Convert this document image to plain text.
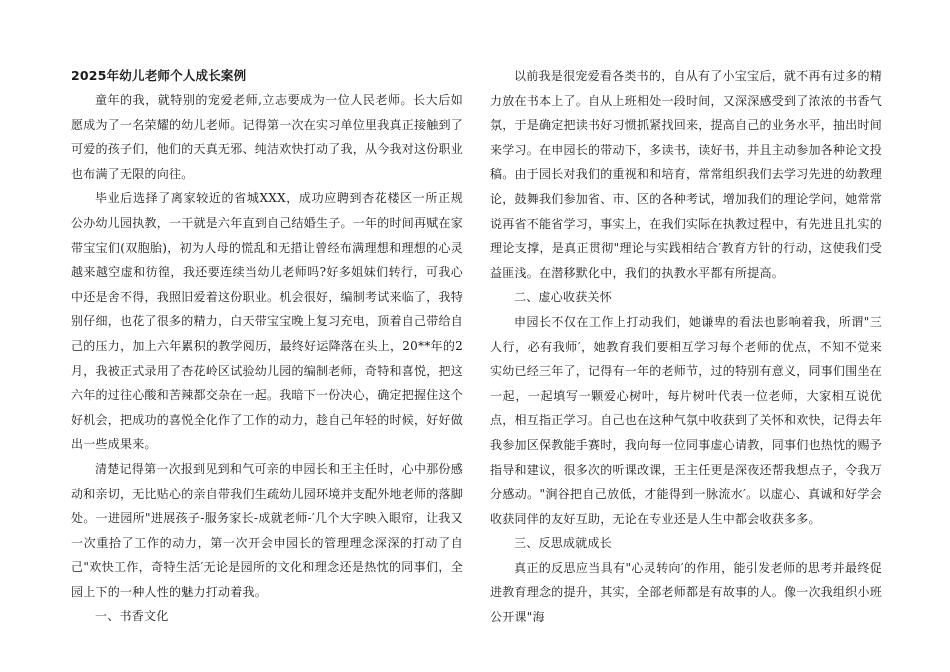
2025年幼儿老师个人成长案例

童年的我，就特别的宠爱老师,立志要成为一位人民老师。长大后如愿成为了一名荣耀的幼儿老师。记得第一次在实习单位里我真正接触到了可爱的孩子们，他们的天真无邪、纯洁欢快打动了我，从今我对这份职业也布满了无限的向往。

毕业后选择了离家较近的省城XXX，成功应聘到杏花楼区一所正规公办幼儿园执教，一干就是六年直到自己结婚生子。一年的时间再赋在家带宝宝们(双胞胎)，初为人母的慌乱和无措让曾经布满理想和理想的心灵越来越空虚和彷徨，我还要连续当幼儿老师吗?好多姐妹们转行，可我心中还是舍不得，我照旧爱着这份职业。机会很好，编制考试来临了，我特别仔细，也花了很多的精力，白天带宝宝晚上复习充电，顶着自己带给自己的压力，加上六年累积的教学阅历，最终好运降落在头上，20**年的2月，我被正式录用了杏花岭区试验幼儿园的编制老师，奇特和喜悦，把这六年的过往心酸和苦辣都交杂在一起。我暗下一份决心，确定把握住这个好机会，把成功的喜悦全化作了工作的动力，趁自己年轻的时候，好好做出一些成果来。

清楚记得第一次报到见到和气可亲的申园长和王主任时，心中那份感动和亲切，无比贴心的亲自带我们生疏幼儿园环境并支配外地老师的落脚处。一进园所"进展孩子-服务家长-成就老师-′几个大字映入眼帘，让我又一次重拾了工作的动力，第一次开会申园长的管理理念深深的打动了自己"欢快工作，奇特生活′无论是园所的文化和理念还是热忱的同事们，全园上下的一种人性的魅力打动着我。

一、书香文化

以前我是很宠爱看各类书的，自从有了小宝宝后，就不再有过多的精力放在书本上了。自从上班相处一段时间，又深深感受到了浓浓的书香气氛，于是确定把读书好习惯抓紧找回来，提高自己的业务水平，抽出时间来学习。在申园长的带动下，多读书，读好书，并且主动参加各种论文投稿。由于园长对我们的重视和和培育，常常组织我们去学习先进的幼教理论，鼓舞我们参加省、市、区的各种考试，增加我们的理论学问，她常常说再省不能省学习，事实上，在我们实际在执教过程中，有先进且扎实的理论支撑，是真正贯彻"理论与实践相结合′教育方针的行动，这使我们受益匪浅。在潜移默化中，我们的执教水平都有所提高。

二、虚心收获关怀

申园长不仅在工作上打动我们，她谦卑的看法也影响着我，所谓"三人行，必有我师′，她教育我们要相互学习每个老师的优点，不知不觉来实幼已经三年了，记得有一年的老师节，过的特别有意义，同事们围坐在一起，一起填写一颗爱心树叶，每片树叶代表一位老师，大家相互说优点，相互指正学习。自己也在这种气氛中收获到了关怀和欢快，记得去年我参加区保教能手赛时，我向每一位同事虚心请教，同事们也热忱的赐予指导和建议，很多次的听课改课，王主任更是深夜还帮我想点子，令我万分感动。"涧谷把自己放低，才能得到一脉流水′。以虚心、真诚和好学会收获同伴的友好互助，无论在专业还是人生中都会收获多多。

三、反思成就成长

真正的反思应当具有"心灵转向′的作用，能引发老师的思考并最终促进教育理念的提升，其实，全部老师都是有故事的人。像一次我组织小班公开课"海
